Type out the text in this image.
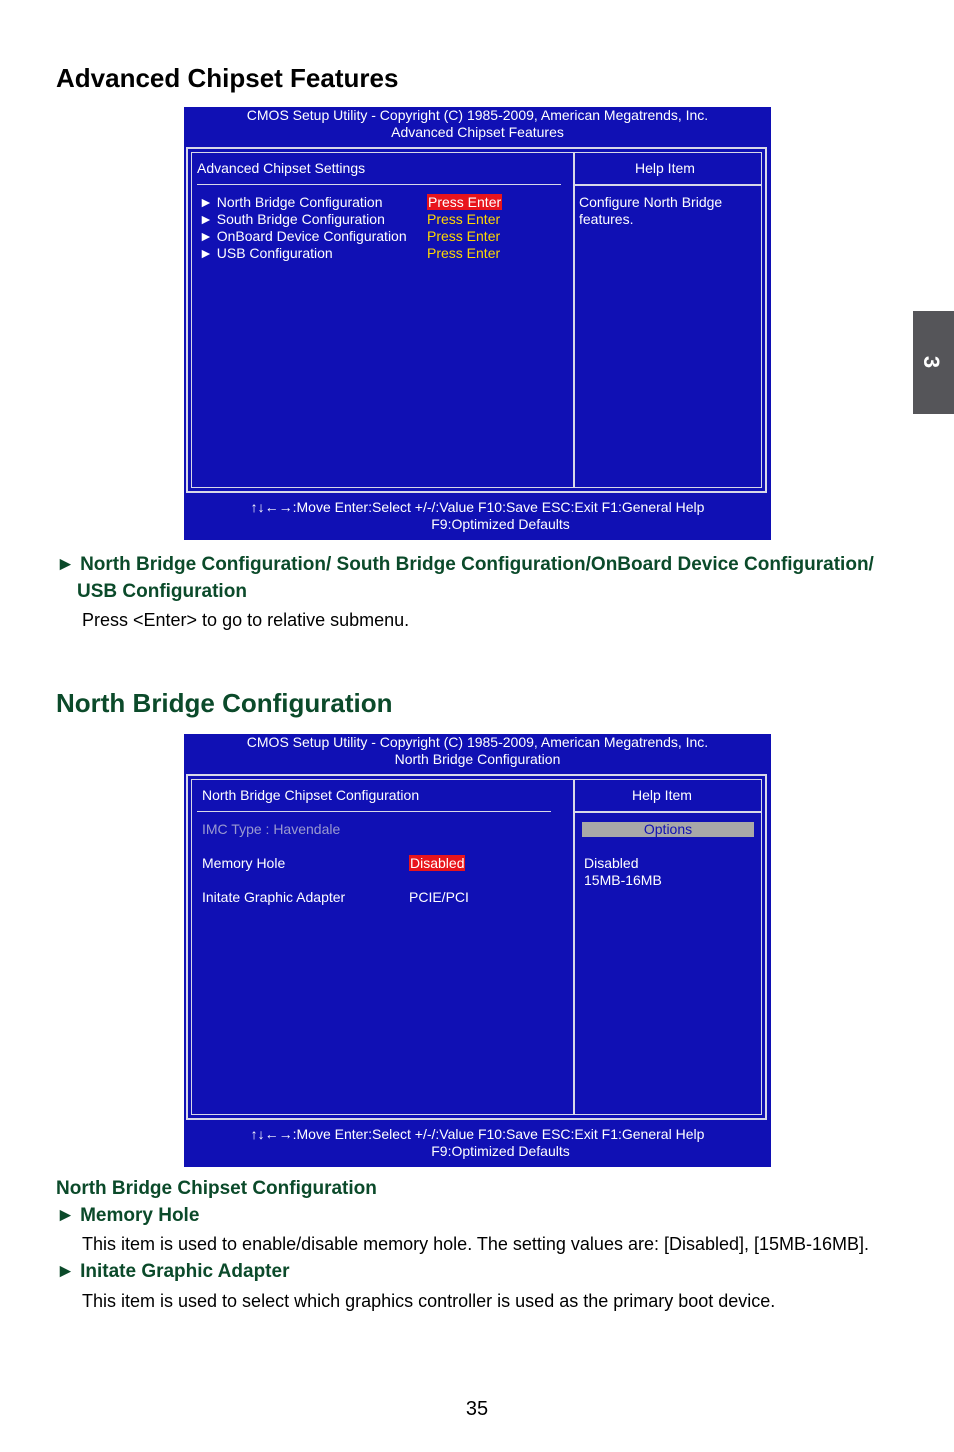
Advanced Chipset Features
CMOS Setup Utility - Copyright (C) 1985-2009, American Megatrends, Inc.
Advanced Chipset Features
Advanced Chipset Settings	Help Item
► North Bridge Configuration	Press Enter
► South Bridge Configuration	Press Enter
► OnBoard Device Configuration Press Enter
► USB Configuration	Press Enter
Configure North Bridge
features.
↑↓←→:Move Enter:Select +/-/:Value F10:Save ESC:Exit F1:General Help
F9:Optimized Defaults
► North Bridge Configuration/ South Bridge Configuration/OnBoard Device Configuration/
USB Configuration
Press <Enter> to go to relative submenu.
North Bridge Configuration
CMOS Setup Utility - Copyright (C) 1985-2009, American Megatrends, Inc.
North Bridge Configuration
North Bridge Chipset Configuration	Help Item
IMC Type : Havendale
Memory Hole	Disabled
Initate Graphic Adapter	PCIE/PCI
Options
Disabled
15MB-16MB
↑↓←→:Move Enter:Select +/-/:Value F10:Save ESC:Exit F1:General Help
F9:Optimized Defaults
North Bridge Chipset Configuration
► Memory Hole
This item is used to enable/disable memory hole. The setting values are: [Disabled], [15MB-16MB].
► Initate Graphic Adapter
This item is used to select which graphics controller is used as the primary boot device.
3
35
